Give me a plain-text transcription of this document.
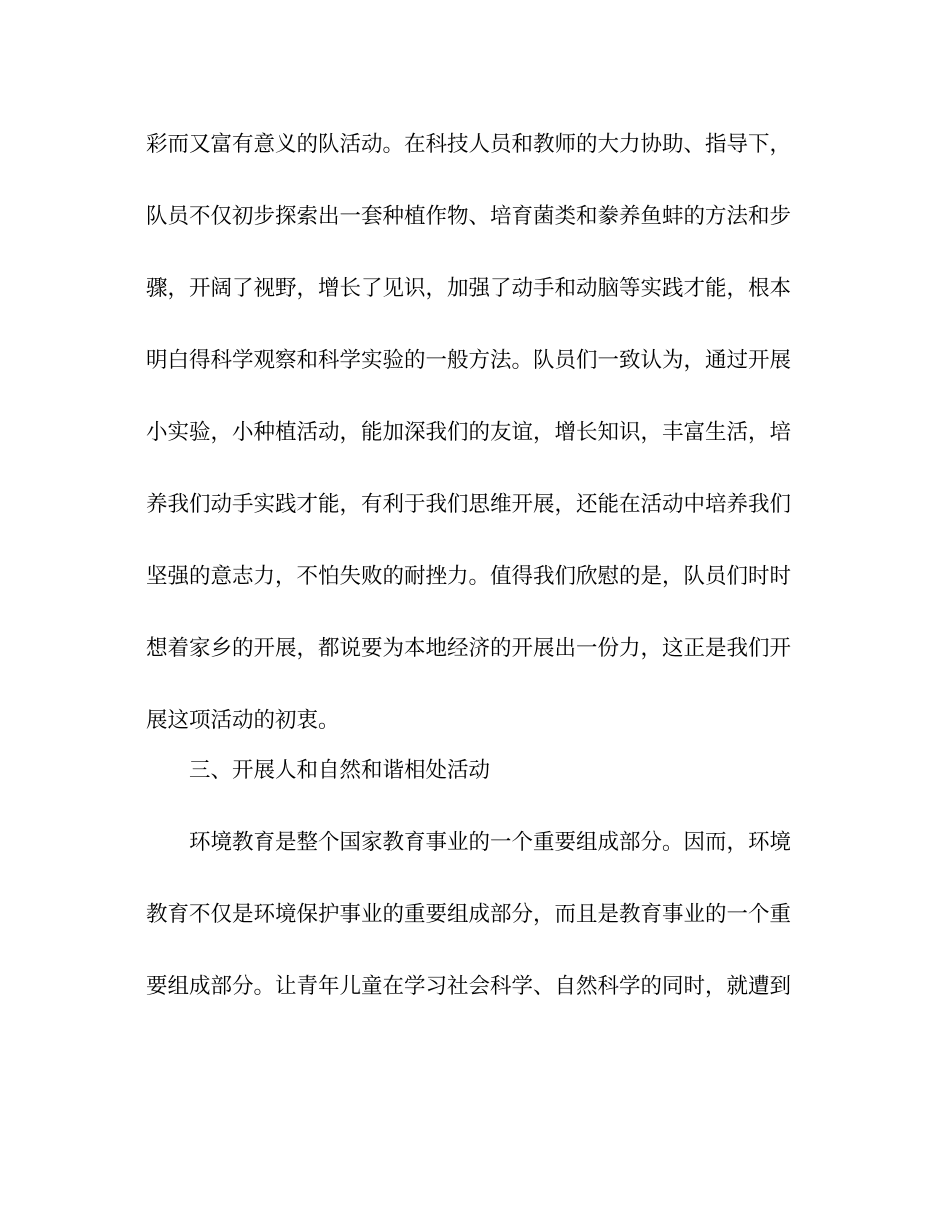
彩而又富有意义的队活动。在科技人员和教师的大力协助、指导下，
队员不仅初步探索出一套种植作物、培育菌类和豢养鱼蚌的方法和步
骤，开阔了视野，增长了见识，加强了动手和动脑等实践才能，根本
明白得科学观察和科学实验的一般方法。队员们一致认为，通过开展
小实验，小种植活动，能加深我们的友谊，增长知识，丰富生活，培
养我们动手实践才能，有利于我们思维开展，还能在活动中培养我们
坚强的意志力，不怕失败的耐挫力。值得我们欣慰的是，队员们时时
想着家乡的开展，都说要为本地经济的开展出一份力，这正是我们开
展这项活动的初衷。
三、开展人和自然和谐相处活动
环境教育是整个国家教育事业的一个重要组成部分。因而，环境
教育不仅是环境保护事业的重要组成部分，而且是教育事业的一个重
要组成部分。让青年儿童在学习社会科学、自然科学的同时，就遭到
